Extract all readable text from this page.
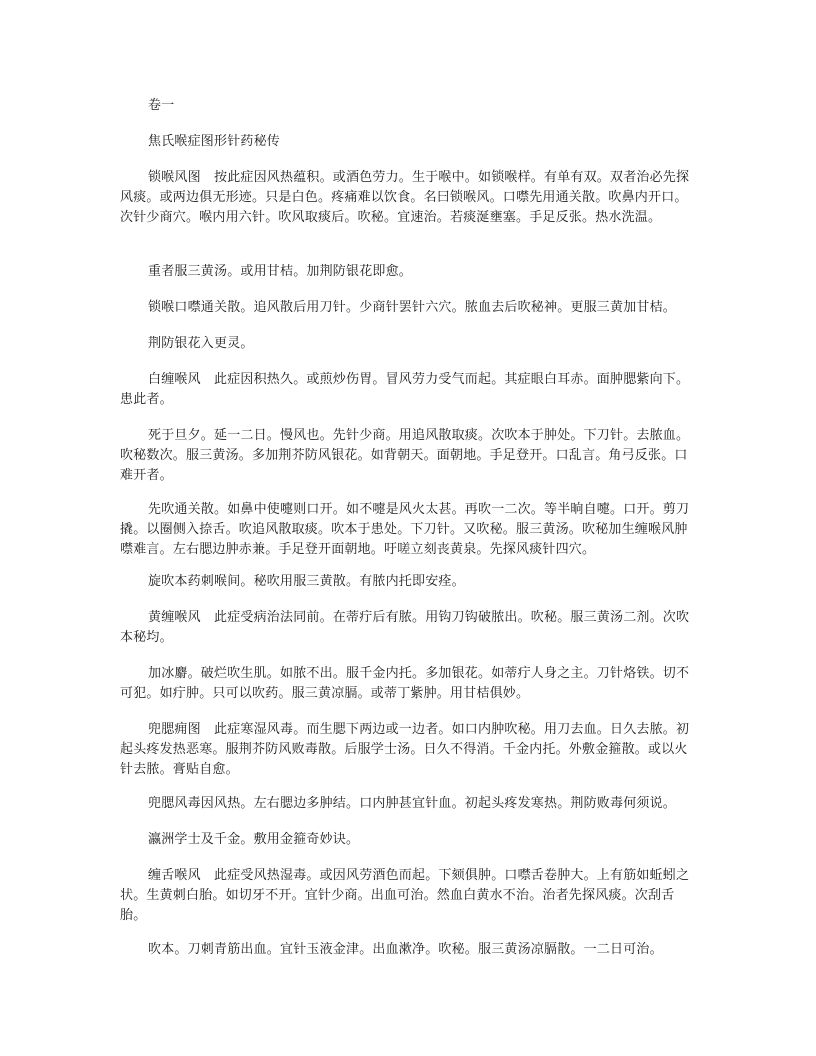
卷一

焦氏喉症图形针药秘传

锁喉风图　按此症因风热蕴积。或酒色劳力。生于喉中。如锁喉样。有单有双。双者治必先探风痰。或两边俱无形迹。只是白色。疼痛难以饮食。名曰锁喉风。口噤先用通关散。吹鼻内开口。次针少商穴。喉内用六针。吹风取痰后。吹秘。宜速治。若痰涎壅塞。手足反张。热水洗温。

重者服三黄汤。或用甘桔。加荆防银花即愈。

锁喉口噤通关散。追风散后用刀针。少商针罢针六穴。脓血去后吹秘神。更服三黄加甘桔。

荆防银花入更灵。

白缠喉风　此症因积热久。或煎炒伤胃。冒风劳力受气而起。其症眼白耳赤。面肿腮紫向下。患此者。

死于旦夕。延一二日。慢风也。先针少商。用追风散取痰。次吹本于肿处。下刀针。去脓血。吹秘数次。服三黄汤。多加荆芥防风银花。如背朝天。面朝地。手足登开。口乱言。角弓反张。口难开者。

先吹通关散。如鼻中使嚏则口开。如不嚏是风火太甚。再吹一二次。等半晌自嚏。口开。剪刀撬。以圈侧入捺舌。吹追风散取痰。吹本于患处。下刀针。又吹秘。服三黄汤。吹秘加生缠喉风肿噤难言。左右腮边肿赤兼。手足登开面朝地。吁嗟立刻丧黄泉。先探风痰针四穴。

旋吹本药刺喉间。秘吹用服三黄散。有脓内托即安痊。

黄缠喉风　此症受病治法同前。在蒂疔后有脓。用钩刀钩破脓出。吹秘。服三黄汤二剂。次吹本秘均。

加冰麝。破烂吹生肌。如脓不出。服千金内托。多加银花。如蒂疔人身之主。刀针烙铁。切不可犯。如疔肿。只可以吹药。服三黄凉膈。或蒂丁紫肿。用甘桔俱妙。

兜腮痈图　此症寒湿风毒。而生腮下两边或一边者。如口内肿吹秘。用刀去血。日久去脓。初起头疼发热恶寒。服荆芥防风败毒散。后服学士汤。日久不得消。千金内托。外敷金箍散。或以火针去脓。膏贴自愈。

兜腮风毒因风热。左右腮边多肿结。口内肿甚宜针血。初起头疼发寒热。荆防败毒何须说。

瀛洲学士及千金。敷用金箍奇妙诀。

缠舌喉风　此症受风热湿毒。或因风劳酒色而起。下颏俱肿。口噤舌卷肿大。上有筋如蚯蚓之状。生黄刺白胎。如切牙不开。宜针少商。出血可治。然血白黄水不治。治者先探风痰。次刮舌胎。

吹本。刀刺青筋出血。宜针玉液金津。出血漱净。吹秘。服三黄汤凉膈散。一二日可治。
